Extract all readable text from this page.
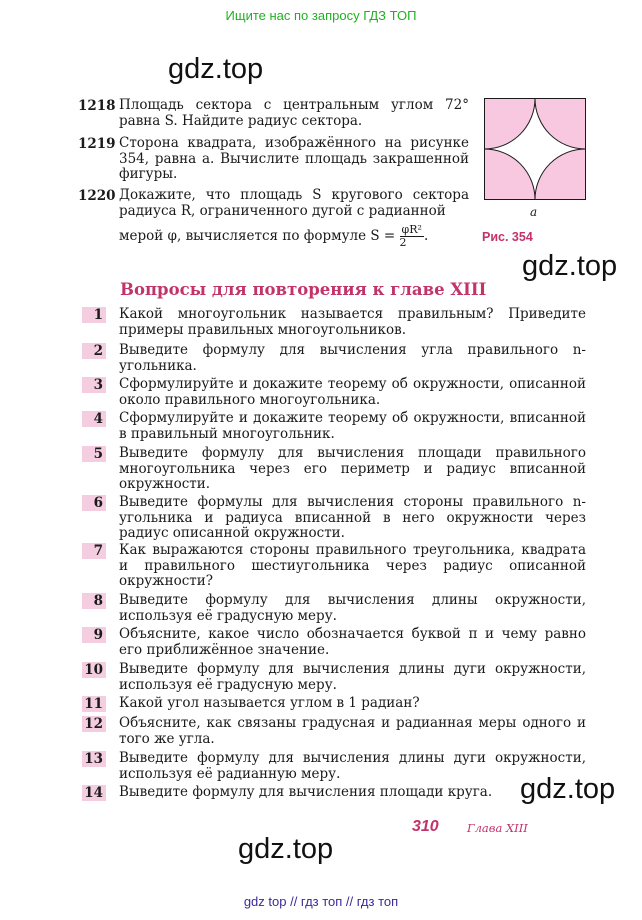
Ищите нас по запросу ГДЗ ТОП
gdz.top
gdz.top
gdz.top
gdz.top
1218 Площадь сектора с центральным углом 72° равна S. Найдите радиус сектора.
1219 Сторона квадрата, изображённого на рисунке 354, равна a. Вычислите площадь закрашенной фигуры.
1220 Докажите, что площадь S кругового сектора радиуса R, ограниченного дугой с радианной
мерой φ, вычисляется по формуле $S = \frac{\text{φR²}}{2}$ .
a
Рис. 354
Вопросы для повторения к главе XIII
1 Какой многоугольник называется правильным? Приведите примеры правильных многоугольников.
2 Выведите формулу для вычисления угла правильного n-угольника.
3 Сформулируйте и докажите теорему об окружности, описанной около правильного многоугольника.
4 Сформулируйте и докажите теорему об окружности, вписанной в правильный многоугольник.
5 Выведите формулу для вычисления площади правильного многоугольника через его периметр и радиус вписанной окружности.
6 Выведите формулы для вычисления стороны правильного n-угольника и радиуса вписанной в него окружности через радиус описанной окружности.
7 Как выражаются стороны правильного треугольника, квадрата и правильного шестиугольника через радиус описанной окружности?
8 Выведите формулу для вычисления длины окружности, используя её градусную меру.
9 Объясните, какое число обозначается буквой π и чему равно его приближённое значение.
10 Выведите формулу для вычисления длины дуги окружности, используя её градусную меру.
11 Какой угол называется углом в 1 радиан?
12 Объясните, как связаны градусная и радианная меры одного и того же угла.
13 Выведите формулу для вычисления длины дуги окружности, используя её радианную меру.
14 Выведите формулу для вычисления площади круга.
310 Глава XIII
gdz top // гдз топ // гдз топ
